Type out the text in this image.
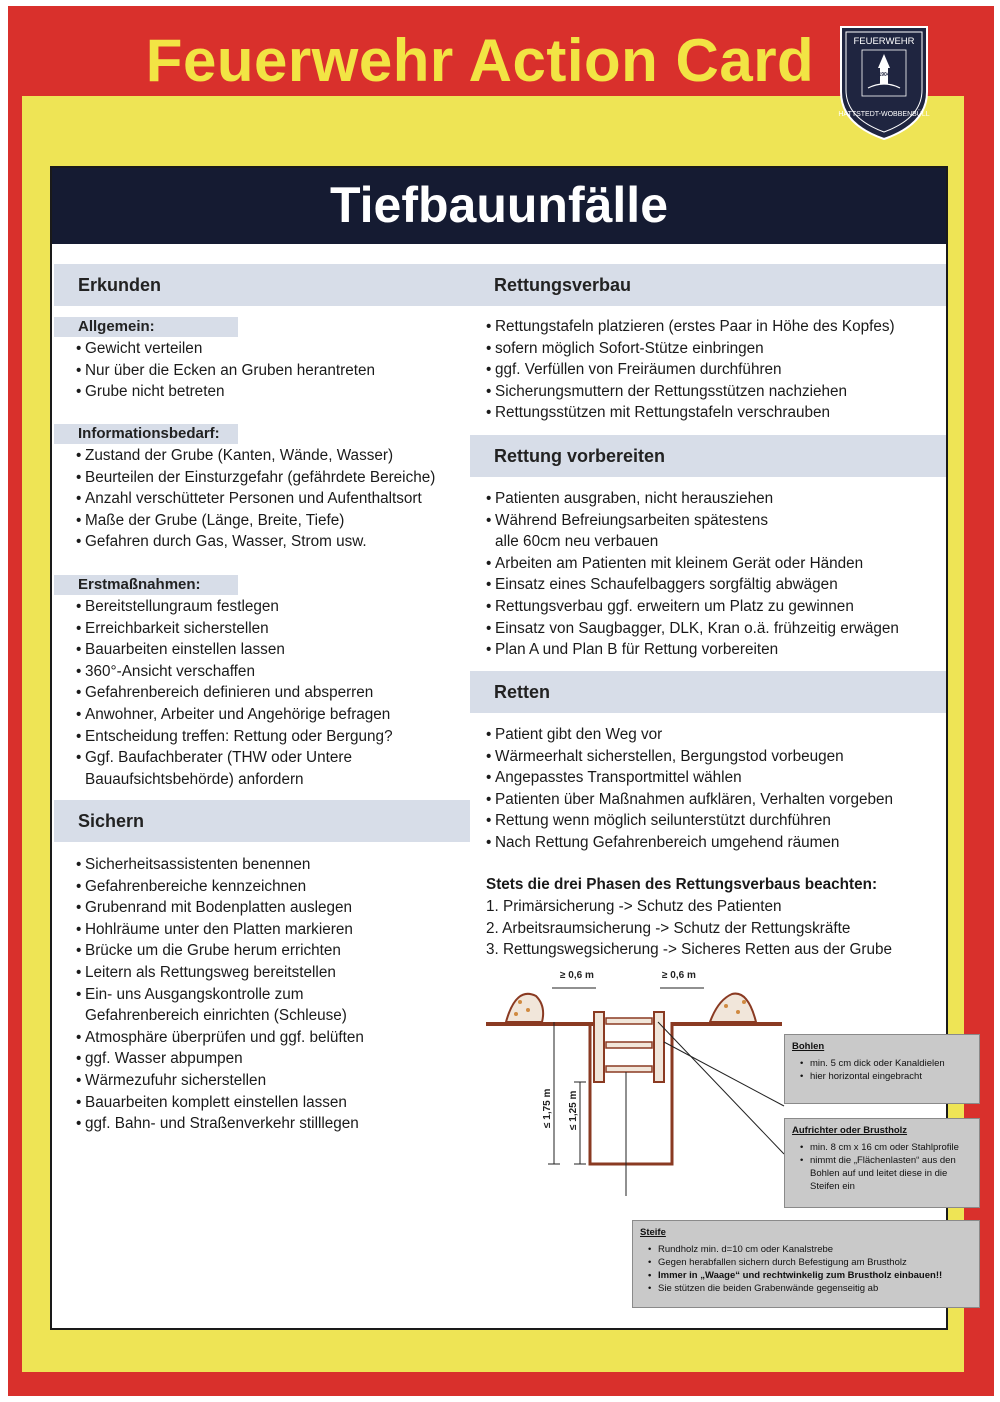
Feuerwehr Action Card	FEUERWEHR
1904
HATTSTEDT-WOBBENBÜLL
Tiefbauunfälle
Erkunden
Allgemein:
• Gewicht verteilen
• Nur über die Ecken an Gruben herantreten
• Grube nicht betreten
Informationsbedarf:
• Zustand der Grube (Kanten, Wände, Wasser)
• Beurteilen der Einsturzgefahr (gefährdete Bereiche)
• Anzahl verschütteter Personen und Aufenthaltsort
• Maße der Grube (Länge, Breite, Tiefe)
• Gefahren durch Gas, Wasser, Strom usw.
Erstmaßnahmen:
• Bereitstellungraum festlegen
• Erreichbarkeit sicherstellen
• Bauarbeiten einstellen lassen
• 360°-Ansicht verschaffen
• Gefahrenbereich definieren und absperren
• Anwohner, Arbeiter und Angehörige befragen
• Entscheidung treffen: Rettung oder Bergung?
• Ggf. Baufachberater (THW oder Untere
Bauaufsichtsbehörde) anfordern
Sichern
• Sicherheitsassistenten benennen
• Gefahrenbereiche kennzeichnen
• Grubenrand mit Bodenplatten auslegen
• Hohlräume unter den Platten markieren
• Brücke um die Grube herum errichten
• Leitern als Rettungsweg bereitstellen
• Ein- uns Ausgangskontrolle zum
Gefahrenbereich einrichten (Schleuse)
• Atmosphäre überprüfen und ggf. belüften
• ggf. Wasser abpumpen
• Wärmezufuhr sicherstellen
• Bauarbeiten komplett einstellen lassen
• ggf. Bahn- und Straßenverkehr stilllegen
Rettungsverbau
• Rettungstafeln platzieren (erstes Paar in Höhe des Kopfes)
• sofern möglich Sofort-Stütze einbringen
• ggf. Verfüllen von Freiräumen durchführen
• Sicherungsmuttern der Rettungsstützen nachziehen
• Rettungsstützen mit Rettungstafeln verschrauben
Rettung vorbereiten
• Patienten ausgraben, nicht herausziehen
• Während Befreiungsarbeiten spätestens
alle 60cm neu verbauen
• Arbeiten am Patienten mit kleinem Gerät oder Händen
• Einsatz eines Schaufelbaggers sorgfältig abwägen
• Rettungsverbau ggf. erweitern um Platz zu gewinnen
• Einsatz von Saugbagger, DLK, Kran o.ä. frühzeitig erwägen
• Plan A und Plan B für Rettung vorbereiten
Retten
• Patient gibt den Weg vor
• Wärmeerhalt sicherstellen, Bergungstod vorbeugen
• Angepasstes Transportmittel wählen
• Patienten über Maßnahmen aufklären, Verhalten vorgeben
• Rettung wenn möglich seilunterstützt durchführen
• Nach Rettung Gefahrenbereich umgehend räumen
Stets die drei Phasen des Rettungsverbaus beachten:
1. Primärsicherung -> Schutz des Patienten
2. Arbeitsraumsicherung -> Schutz der Rettungskräfte
3. Rettungswegsicherung -> Sicheres Retten aus der Grube
≥ 0,6 m	≥ 0,6 m
≤ 1,75 m ≤ 1,25 m
Bohlen
• min. 5 cm dick oder Kanaldielen
• hier horizontal eingebracht
Aufrichter oder Brustholz
• min. 8 cm x 16 cm oder Stahlprofile
• nimmt die „Flächenlasten“ aus den Bohlen auf und leitet diese in die Steifen ein
Steife
• Rundholz min. d=10 cm oder Kanalstrebe
• Gegen herabfallen sichern durch Befestigung am Brustholz
• Immer in „Waage“ und rechtwinkelig zum Brustholz einbauen!!
• Sie stützen die beiden Grabenwände gegenseitig ab
